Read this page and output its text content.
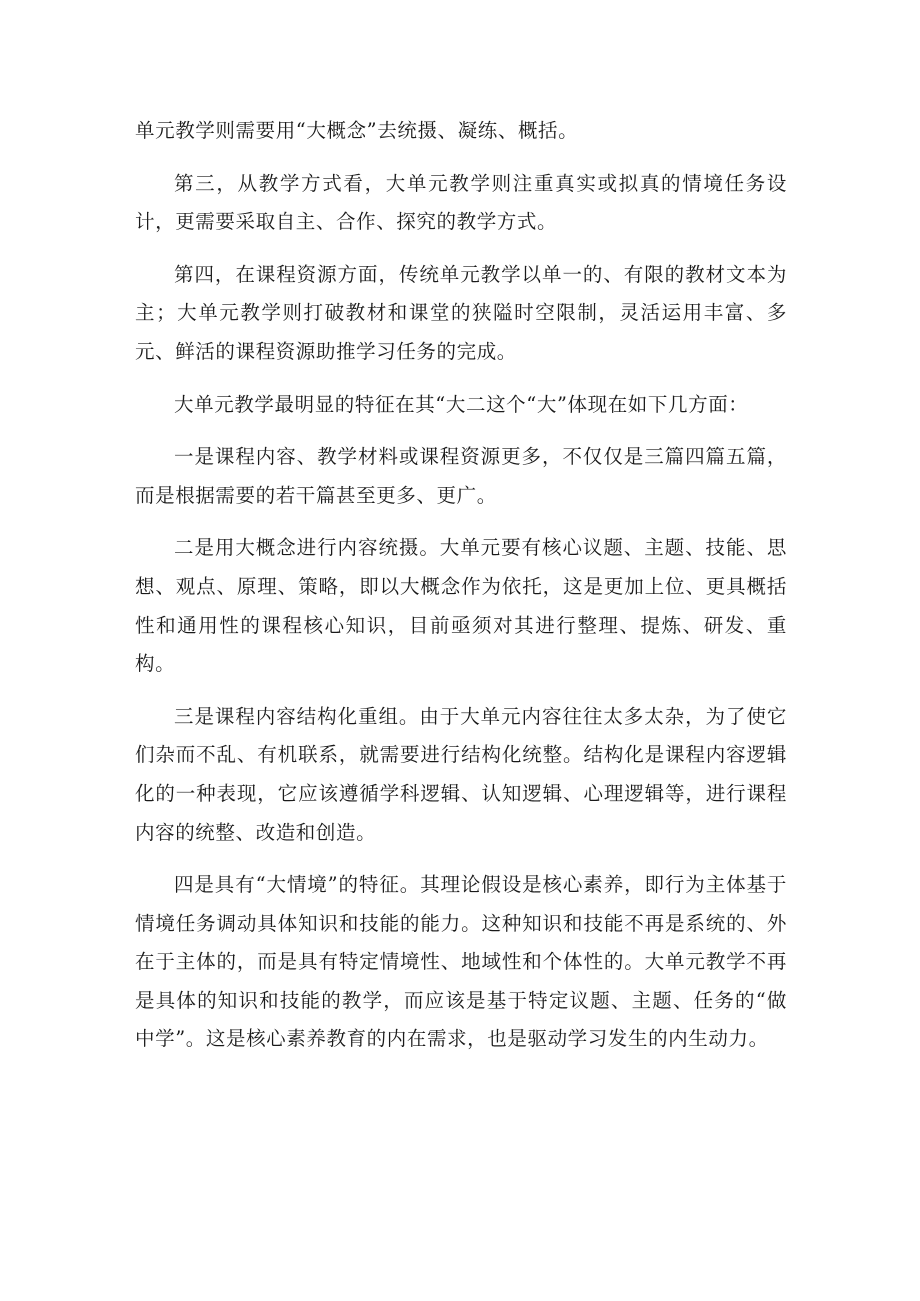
单元教学则需要用“大概念”去统摄、凝练、概括。

第三，从教学方式看，大单元教学则注重真实或拟真的情境任务设计，更需要采取自主、合作、探究的教学方式。

第四，在课程资源方面，传统单元教学以单一的、有限的教材文本为主；大单元教学则打破教材和课堂的狭隘时空限制，灵活运用丰富、多元、鲜活的课程资源助推学习任务的完成。

大单元教学最明显的特征在其“大二这个“大”体现在如下几方面：

一是课程内容、教学材料或课程资源更多，不仅仅是三篇四篇五篇，而是根据需要的若干篇甚至更多、更广。

二是用大概念进行内容统摄。大单元要有核心议题、主题、技能、思想、观点、原理、策略，即以大概念作为依托，这是更加上位、更具概括性和通用性的课程核心知识，目前亟须对其进行整理、提炼、研发、重构。

三是课程内容结构化重组。由于大单元内容往往太多太杂，为了使它们杂而不乱、有机联系，就需要进行结构化统整。结构化是课程内容逻辑化的一种表现，它应该遵循学科逻辑、认知逻辑、心理逻辑等，进行课程内容的统整、改造和创造。

四是具有“大情境”的特征。其理论假设是核心素养，即行为主体基于情境任务调动具体知识和技能的能力。这种知识和技能不再是系统的、外在于主体的，而是具有特定情境性、地域性和个体性的。大单元教学不再是具体的知识和技能的教学，而应该是基于特定议题、主题、任务的“做中学”。这是核心素养教育的内在需求，也是驱动学习发生的内生动力。
